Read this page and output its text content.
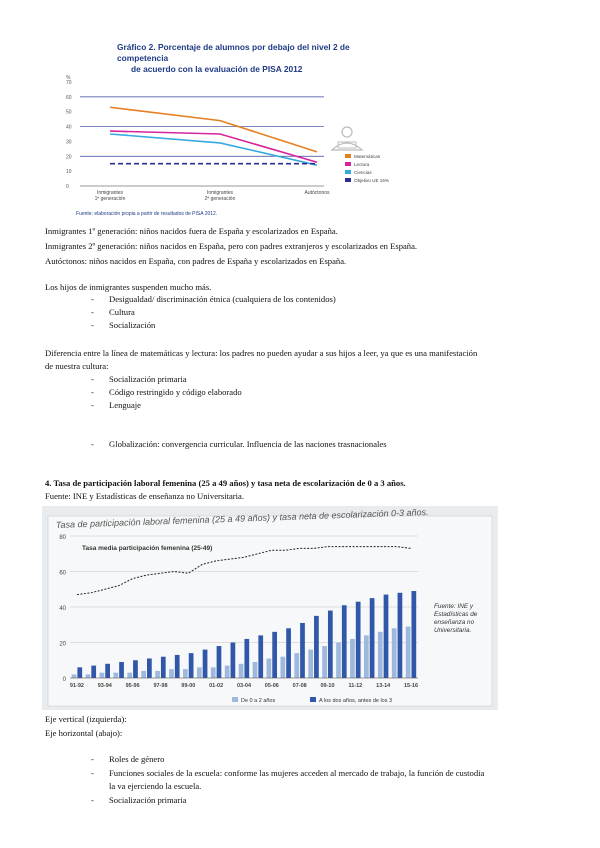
Gráfico 2. Porcentaje de alumnos por debajo del nivel 2 de competencia
de acuerdo con la evaluación de PISA 2012
%
0
10
20
30
40
50
60
70
Inmigrantes
1ª generación
Inmigrantes
2ª generación
Autóctonos
Matemáticas
Lectura
Ciencias
Objetivo UE 15%
Fuente: elaboración propia a partir de resultados de PISA 2012.
Inmigrantes 1º generación: niños nacidos fuera de España y escolarizados en España.
Inmigrantes 2º generación: niños nacidos en España, pero con padres extranjeros y escolarizados en España.
Autóctonos: niños nacidos en España, con padres de España y escolarizados en España.
Los hijos de inmigrantes suspenden mucho más.
- Desigualdad/ discriminación étnica (cualquiera de los contenidos)
- Cultura
- Socialización
Diferencia entre la línea de matemáticas y lectura: los padres no pueden ayudar a sus hijos a leer, ya que es una manifestación
de nuestra cultura:
- Socialización primaria
- Código restringido y código elaborado
- Lenguaje
- Globalización: convergencia curricular. Influencia de las naciones trasnacionales
4. Tasa de participación laboral femenina (25 a 49 años) y tasa neta de escolarización de 0 a 3 años.
Fuente: INE y Estadísticas de enseñanza no Universitaria.
Tasa de participación laboral femenina (25 a 49 años) y tasa neta de escolarización 0-3 años.
0
20
40
60
80
Tasa media participación femenina (25-49)
91-92	93-94	95-96	97-98	99-00	01-02	03-04	05-06	07-08	09-10	11-12	13-14	15-16
De 0 a 2 años	A los dos años, antes de los 3
Fuente: INE y
Estadísticas de
enseñanza no
Universitaria.
Eje vertical (izquierda):
Eje horizontal (abajo):
- Roles de género
- Funciones sociales de la escuela: conforme las mujeres acceden al mercado de trabajo, la función de custodia
la va ejerciendo la escuela.
- Socialización primaria
